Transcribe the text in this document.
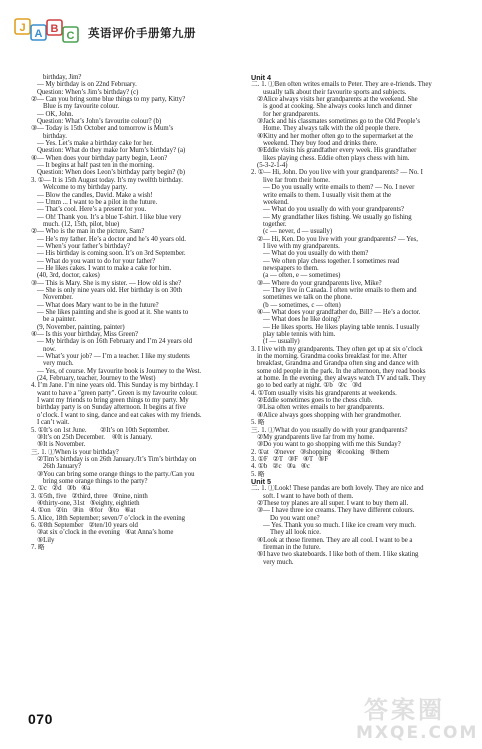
J A B
C 英语评价手册第九册
birthday, Jim?
— My birthday is on 22nd February.
Question: When’s Jim’s birthday? (c)
②— Can you bring some blue things to my party, Kitty?
Blue is my favourite colour.
— OK, John.
Question: What’s John’s favourite colour? (b)
③— Today is 15th October and tomorrow is Mum’s
birthday.
— Yes. Let’s make a birthday cake for her.
Question: What do they make for Mum’s birthday? (a)
④— When does your birthday party begin, Leon?
— It begins at half past ten in the morning.
Question: When does Leon’s birthday party begin? (b)
3. ①— It is 15th August today. It’s my twelfth birthday.
Welcome to my birthday party.
— Blow the candles, David. Make a wish!
— Umm ... I want to be a pilot in the future.
— That’s cool. Here’s a present for you.
— Oh! Thank you. It’s a blue T-shirt. I like blue very
much. (12, 15th, pilot, blue)
②— Who is the man in the picture, Sam?
— He’s my father. He’s a doctor and he’s 40 years old.
— When’s your father’s birthday?
— His birthday is coming soon. It’s on 3rd September.
— What do you want to do for your father?
— He likes cakes. I want to make a cake for him.
(40, 3rd, doctor, cakes)
③— This is Mary. She is my sister. — How old is she?
— She is only nine years old. Her birthday is on 30th
November.
— What does Mary want to be in the future?
— She likes painting and she is good at it. She wants to
be a painter.
(9, November, painting, painter)
④— Is this your birthday, Miss Green?
— My birthday is on 16th February and I’m 24 years old
now.
— What’s your job? — I’m a teacher. I like my students
very much.
— Yes, of course. My favourite book is Journey to the West.
(24, February, teacher, Journey to the West)
4. I’m Jane. I’m nine years old. This Sunday is my birthday. I
want to have a "green party". Green is my favourite colour.
I want my friends to bring green things to my party. My
birthday party is on Sunday afternoon. It begins at five
o’clock. I want to sing, dance and eat cakes with my friends.
I can’t wait.
5. ①It’s on 1st June.        ②It’s on 10th September.
③It’s on 25th December.    ④It is January.
⑤It is November.
三. 1. ①When is your birthday?
②Tim’s birthday is on 26th January./It’s Tim’s birthday on
26th January?
③You can bring some orange things to the party./Can you
bring some orange things to the party?
2. ①c   ②d   ③b   ④a
3. ①5th, five   ②third, three   ③nine, ninth
④thirty-one, 31st   ⑤eighty, eightieth
4. ①on   ②in   ③in   ④for   ⑤to   ⑥at
5. Alice, 18th September; seven/7 o’clock in the evening
6. ①8th September   ②ten/10 years old
③at six o’clock in the evening   ④at Anna’s home
⑤Lily
7. 略
Unit 4
二. 1. ①Ben often writes emails to Peter. They are e-friends. They
usually talk about their favourite sports and subjects.
②Alice always visits her grandparents at the weekend. She
is good at cooking. She always cooks lunch and dinner
for her grandparents.
③Jack and his classmates sometimes go to the Old People’s
Home. They always talk with the old people there.
④Kitty and her mother often go to the supermarket at the
weekend. They buy food and drinks there.
⑤Eddie visits his grandfather every week. His grandfather
likes playing chess. Eddie often plays chess with him.
(5-3-2-1-4)
2. ①— Hi, John. Do you live with your grandparents? — No. I
live far from their home.
— Do you usually write emails to them? — No. I never
write emails to them. I usually visit them at the
weekend.
— What do you usually do with your grandparents?
— My grandfather likes fishing. We usually go fishing
together.
(c — never, d — usually)
②— Hi, Ken. Do you live with your grandparents? — Yes,
I live with my grandparents.
— What do you usually do with them?
— We often play chess together. I sometimes read
newspapers to them.
(a — often, e — sometimes)
③— Where do your grandparents live, Mike?
— They live in Canada. I often write emails to them and
sometimes we talk on the phone.
(b — sometimes, c — often)
④— What does your grandfather do, Bill? — He’s a doctor.
— What does he like doing?
— He likes sports. He likes playing table tennis. I usually
play table tennis with him.
(f — usually)
3. I live with my grandparents. They often get up at six o’clock
in the morning. Grandma cooks breakfast for me. After
breakfast, Grandma and Grandpa often sing and dance with
some old people in the park. In the afternoon, they read books
at home. In the evening, they always watch TV and talk. They
go to bed early at night. ①b   ②c   ③d
4. ①Tom usually visits his grandparents at weekends.
②Eddie sometimes goes to the chess club.
③Lisa often writes emails to her grandparents.
④Alice always goes shopping with her grandmother.
5. 略
三. 1. ①What do you usually do with your grandparents?
②My grandparents live far from my home.
③Do you want to go shopping with me this Sunday?
2. ①at   ②never   ③shopping   ④cooking   ⑤them
3. ①F   ②T   ③F   ④T   ⑤F
4. ①b   ②c   ③a   ④c
5. 略
Unit 5
二. 1. ①Look! These pandas are both lovely. They are nice and
soft. I want to have both of them.
②These toy planes are all super. I want to buy them all.
③— I have three ice creams. They have different colours.
Do you want one?
— Yes. Thank you so much. I like ice cream very much.
They all look nice.
④Look at those firemen. They are all cool. I want to be a
fireman in the future.
⑤I have two skateboards. I like both of them. I like skating
very much.
070	答案圈
MXQE.COM
